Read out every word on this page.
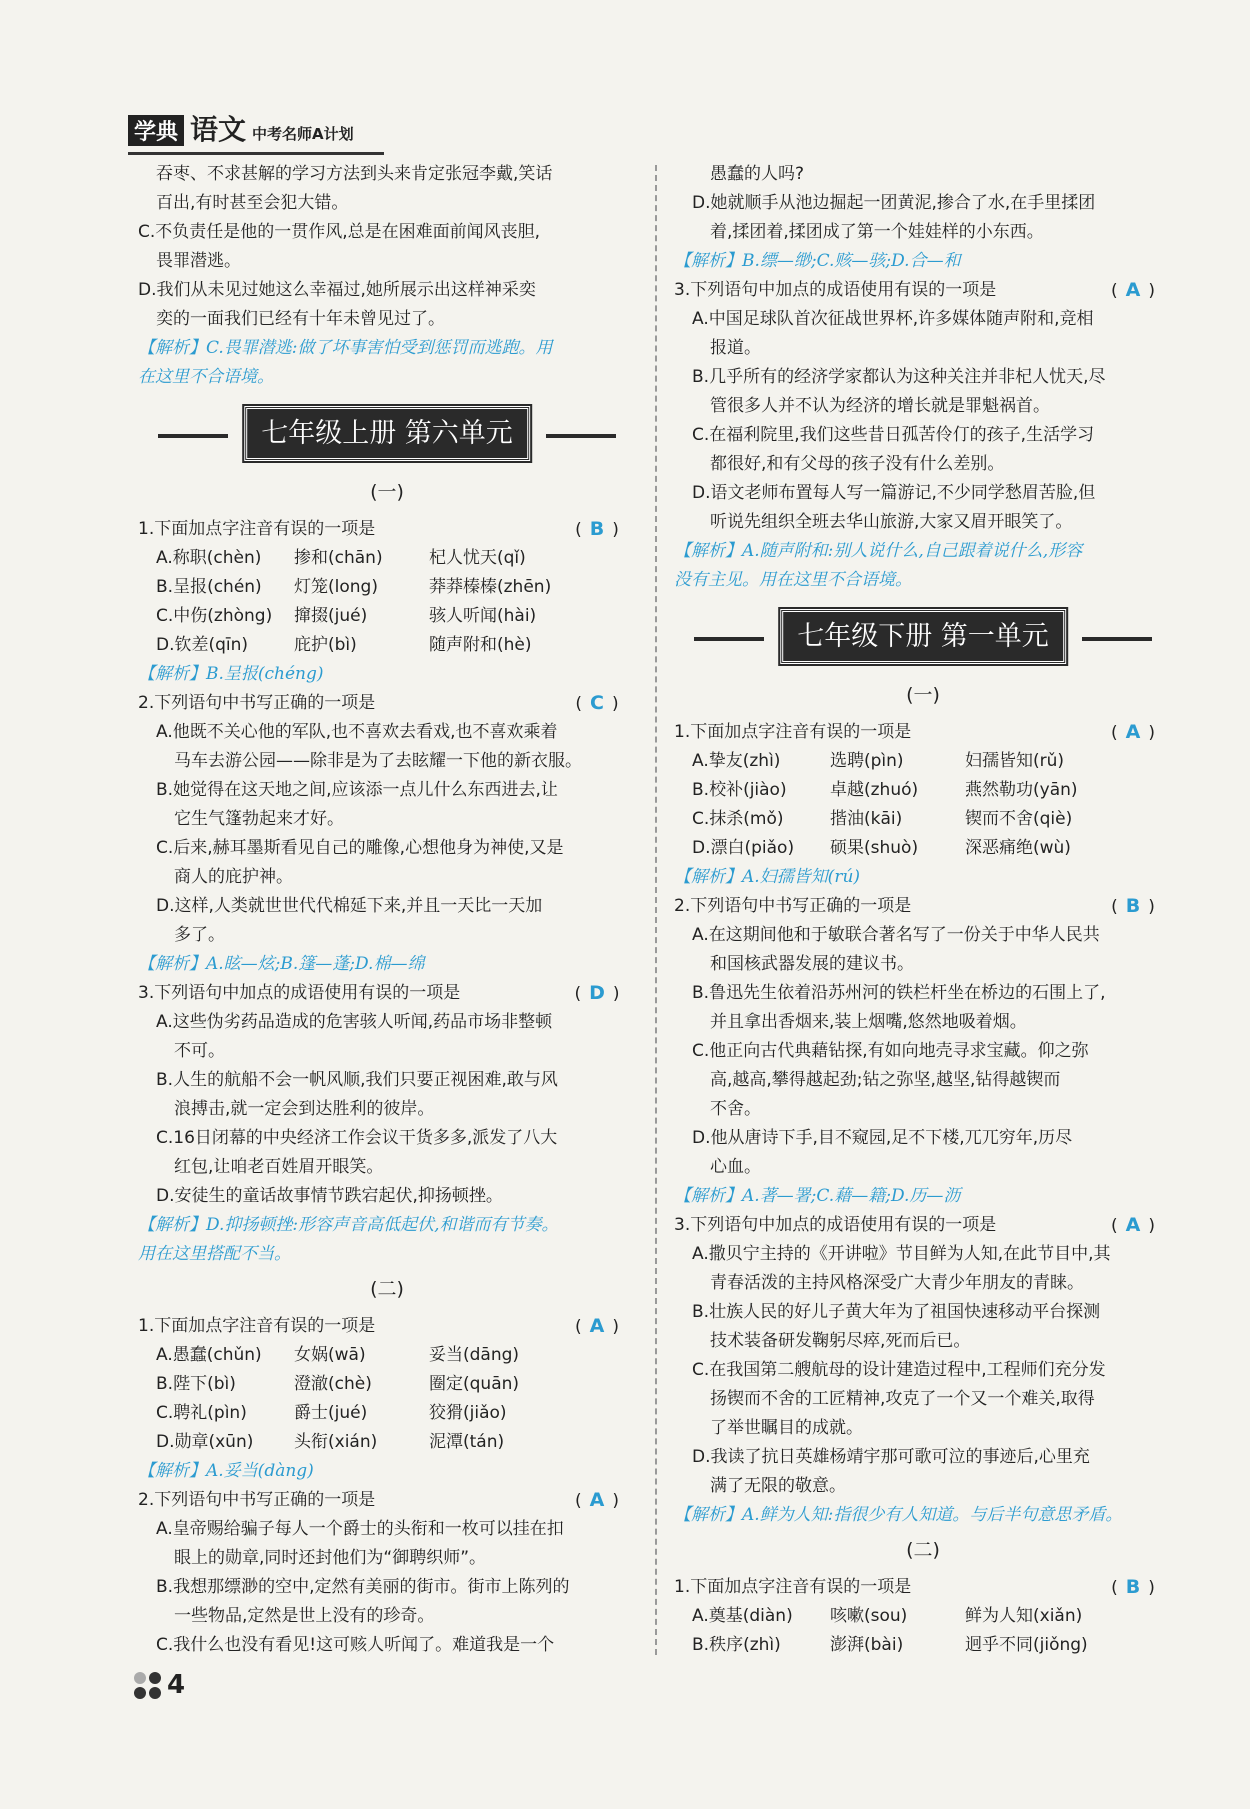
学典 语文 中考名师A计划

吞枣、不求甚解的学习方法到头来肯定张冠李戴,笑话

百出,有时甚至会犯大错。

C.不负责任是他的一贯作风,总是在困难面前闻风丧胆,

畏罪潜逃。

D.我们从未见过她这么幸福过,她所展示出这样神采奕

奕的一面我们已经有十年未曾见过了。

【解析】C.畏罪潜逃:做了坏事害怕受到惩罚而逃跑。用

在这里不合语境。

七年级上册 第六单元
(一)
1.下面加点字注音有误的一项是	(B)
A.称职(chèn)	掺和(chān)	杞人忧天(qǐ)
B.呈报(chén)	灯笼(long)	莽莽榛榛(zhēn)
C.中伤(zhòng)	撺掇(jué)	骇人听闻(hài)
D.钦差(qīn)	庇护(bì)	随声附和(hè)

【解析】B.呈报(chéng)

2.下列语句中书写正确的一项是	(C)

A.他既不关心他的军队,也不喜欢去看戏,也不喜欢乘着

马车去游公园——除非是为了去眩耀一下他的新衣服。

B.她觉得在这天地之间,应该添一点儿什么东西进去,让

它生气篷勃起来才好。

C.后来,赫耳墨斯看见自己的雕像,心想他身为神使,又是

商人的庇护神。

D.这样,人类就世世代代棉延下来,并且一天比一天加

多了。

【解析】A.眩—炫;B.篷—蓬;D.棉—绵

3.下列语句中加点的成语使用有误的一项是	(D)

A.这些伪劣药品造成的危害骇人听闻,药品市场非整顿

不可。

B.人生的航船不会一帆风顺,我们只要正视困难,敢与风

浪搏击,就一定会到达胜利的彼岸。

C.16日闭幕的中央经济工作会议干货多多,派发了八大

红包,让咱老百姓眉开眼笑。

D.安徒生的童话故事情节跌宕起伏,抑扬顿挫。

【解析】D.抑扬顿挫:形容声音高低起伏,和谐而有节奏。

用在这里搭配不当。

(二)
1.下面加点字注音有误的一项是	(A)
A.愚蠢(chǔn)	女娲(wā)	妥当(dāng)
B.陛下(bì)	澄澈(chè)	圈定(quān)
C.聘礼(pìn)	爵士(jué)	狡猾(jiǎo)
D.勋章(xūn)	头衔(xián)	泥潭(tán)

【解析】A.妥当(dàng)

2.下列语句中书写正确的一项是	(A)

A.皇帝赐给骗子每人一个爵士的头衔和一枚可以挂在扣

眼上的勋章,同时还封他们为“御聘织师”。

B.我想那缥渺的空中,定然有美丽的街市。街市上陈列的

一些物品,定然是世上没有的珍奇。

C.我什么也没有看见!这可赅人听闻了。难道我是一个

愚蠢的人吗?

D.她就顺手从池边掘起一团黄泥,掺合了水,在手里揉团

着,揉团着,揉团成了第一个娃娃样的小东西。

【解析】B.缥—缈;C.赅—骇;D.合—和

3.下列语句中加点的成语使用有误的一项是	(A)

A.中国足球队首次征战世界杯,许多媒体随声附和,竞相

报道。

B.几乎所有的经济学家都认为这种关注并非杞人忧天,尽

管很多人并不认为经济的增长就是罪魁祸首。

C.在福利院里,我们这些昔日孤苦伶仃的孩子,生活学习

都很好,和有父母的孩子没有什么差别。

D.语文老师布置每人写一篇游记,不少同学愁眉苦脸,但

听说先组织全班去华山旅游,大家又眉开眼笑了。

【解析】A.随声附和:别人说什么,自己跟着说什么,形容

没有主见。用在这里不合语境。

七年级下册 第一单元
(一)
1.下面加点字注音有误的一项是	(A)
A.挚友(zhì)	选聘(pìn)	妇孺皆知(rǔ)
B.校补(jiào)	卓越(zhuó)	燕然勒功(yān)
C.抹杀(mǒ)	揩油(kāi)	锲而不舍(qiè)
D.漂白(piǎo)	硕果(shuò)	深恶痛绝(wù)

【解析】A.妇孺皆知(rú)

2.下列语句中书写正确的一项是	(B)

A.在这期间他和于敏联合著名写了一份关于中华人民共

和国核武器发展的建议书。

B.鲁迅先生依着沿苏州河的铁栏杆坐在桥边的石围上了,

并且拿出香烟来,装上烟嘴,悠然地吸着烟。

C.他正向古代典藉钻探,有如向地壳寻求宝藏。仰之弥

高,越高,攀得越起劲;钻之弥坚,越坚,钻得越锲而

不舍。

D.他从唐诗下手,目不窥园,足不下楼,兀兀穷年,历尽

心血。

【解析】A.著—署;C.藉—籍;D.历—沥

3.下列语句中加点的成语使用有误的一项是	(A)

A.撒贝宁主持的《开讲啦》节目鲜为人知,在此节目中,其

青春活泼的主持风格深受广大青少年朋友的青睐。

B.壮族人民的好儿子黄大年为了祖国快速移动平台探测

技术装备研发鞠躬尽瘁,死而后已。

C.在我国第二艘航母的设计建造过程中,工程师们充分发

扬锲而不舍的工匠精神,攻克了一个又一个难关,取得

了举世瞩目的成就。

D.我读了抗日英雄杨靖宇那可歌可泣的事迹后,心里充

满了无限的敬意。

【解析】A.鲜为人知:指很少有人知道。与后半句意思矛盾。

(二)
1.下面加点字注音有误的一项是	(B)
A.奠基(diàn)	咳嗽(sou)	鲜为人知(xiǎn)
B.秩序(zhì)	澎湃(bài)	迥乎不同(jiǒng)
4
